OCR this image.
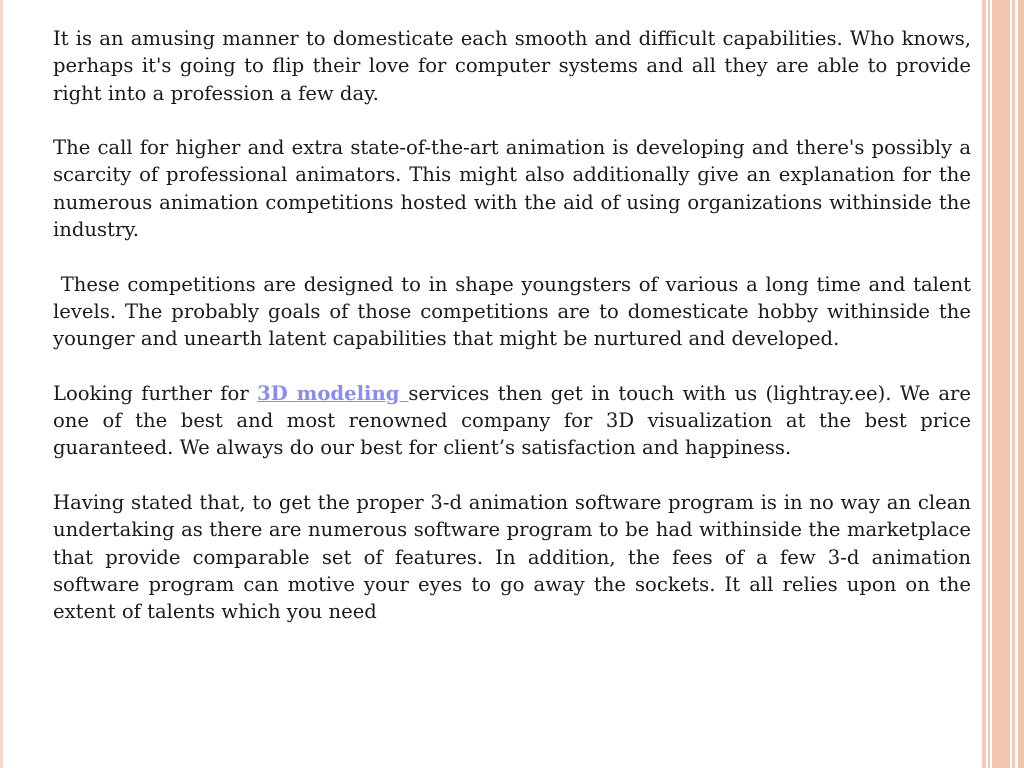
It is an amusing manner to domesticate each smooth and difficult capabilities. Who knows, perhaps it's going to flip their love for computer systems and all they are able to provide right into a profession a few day.

The call for higher and extra state-of-the-art animation is developing and there's possibly a scarcity of professional animators. This might also additionally give an explanation for the numerous animation competitions hosted with the aid of using organizations withinside the industry.

These competitions are designed to in shape youngsters of various a long time and talent levels. The probably goals of those competitions are to domesticate hobby withinside the younger and unearth latent capabilities that might be nurtured and developed.

Looking further for 3D modeling services then get in touch with us (lightray.ee). We are one of the best and most renowned company for 3D visualization at the best price guaranteed. We always do our best for client’s satisfaction and happiness.

Having stated that, to get the proper 3-d animation software program is in no way an clean undertaking as there are numerous software program to be had withinside the marketplace that provide comparable set of features. In addition, the fees of a few 3-d animation software program can motive your eyes to go away the sockets. It all relies upon on the extent of talents which you need
